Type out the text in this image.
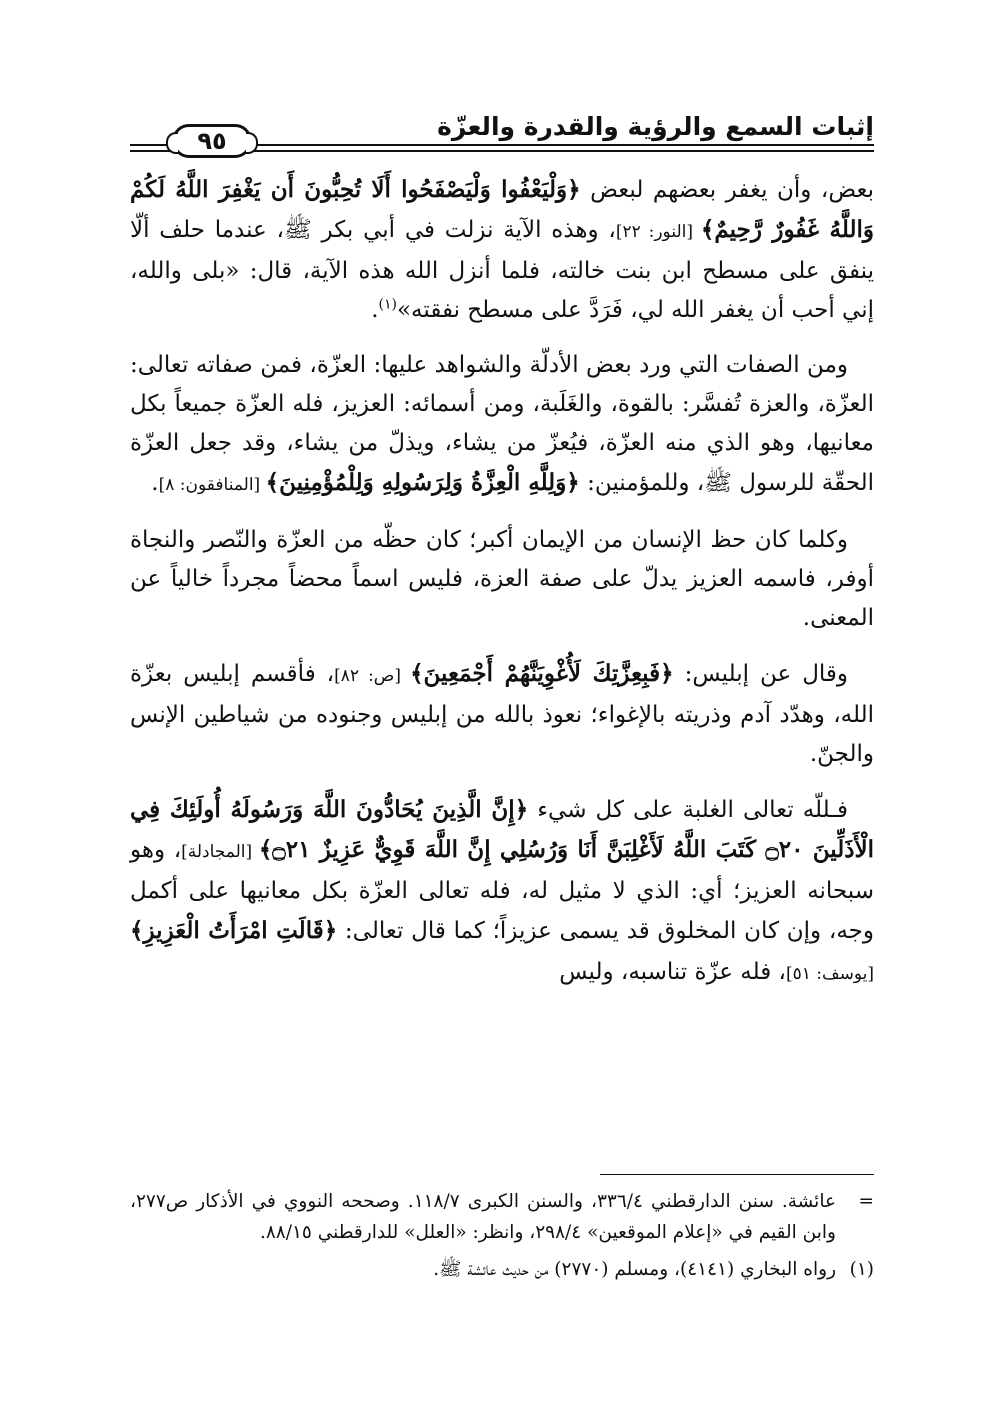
٩٥	إثبات السمع والرؤية والقدرة والعزّة

بعض، وأن يغفر بعضهم لبعض ﴿وَلْيَعْفُوا وَلْيَصْفَحُوا أَلَا تُحِبُّونَ أَن يَغْفِرَ اللَّهُ لَكُمْ وَاللَّهُ غَفُورٌ رَّحِيمٌ﴾ [النور: ٢٢]، وهذه الآية نزلت في أبي بكر ﷺ، عندما حلف ألّا ينفق على مسطح ابن بنت خالته، فلما أنزل الله هذه الآية، قال: «بلى والله، إني أحب أن يغفر الله لي، فَرَدَّ على مسطح نفقته»$^{(١)}$.

ومن الصفات التي ورد بعض الأدلّة والشواهد عليها: العزّة، فمن صفاته تعالى: العزّة، والعزة تُفسَّر: بالقوة، والغَلَبة، ومن أسمائه: العزيز، فله العزّة جميعاً بكل معانيها، وهو الذي منه العزّة، فيُعزّ من يشاء، ويذلّ من يشاء، وقد جعل العزّة الحقّة للرسول ﷺ، وللمؤمنين: ﴿وَلِلَّهِ الْعِزَّةُ وَلِرَسُولِهِ وَلِلْمُؤْمِنِينَ﴾ [المنافقون: ٨].

وكلما كان حظ الإنسان من الإيمان أكبر؛ كان حظّه من العزّة والنّصر والنجاة أوفر، فاسمه العزيز يدلّ على صفة العزة، فليس اسماً محضاً مجرداً خالياً عن المعنى.

وقال عن إبليس: ﴿فَبِعِزَّتِكَ لَأُغْوِيَنَّهُمْ أَجْمَعِينَ﴾ [ص: ٨٢]، فأقسم إبليس بعزّة الله، وهدّد آدم وذريته بالإغواء؛ نعوذ بالله من إبليس وجنوده من شياطين الإنس والجنّ.

فـللّه تعالى الغلبة على كل شيء ﴿إِنَّ الَّذِينَ يُحَادُّونَ اللَّهَ وَرَسُولَهُ أُولَئِكَ فِي الْأَذَلِّينَ ۝٢٠ كَتَبَ اللَّهُ لَأَغْلِبَنَّ أَنَا وَرُسُلِي إِنَّ اللَّهَ قَوِيٌّ عَزِيزٌ ۝٢١﴾ [المجادلة]، وهو سبحانه العزيز؛ أي: الذي لا مثيل له، فله تعالى العزّة بكل معانيها على أكمل وجه، وإن كان المخلوق قد يسمى عزيزاً؛ كما قال تعالى: ﴿قَالَتِ امْرَأَتُ الْعَزِيزِ﴾ [يوسف: ٥١]، فله عزّة تناسبه، وليس

=
عائشة. سنن الدارقطني ٣٣٦/٤، والسنن الكبرى ١١٨/٧. وصححه النووي في الأذكار ص٢٧٧، وابن القيم في «إعلام الموقعين» ٢٩٨/٤، وانظر: «العلل» للدارقطني ٨٨/١٥.
(١)
رواه البخاري (٤١٤١)، ومسلم (٢٧٧٠) من حديث عائشة ﷺ.
